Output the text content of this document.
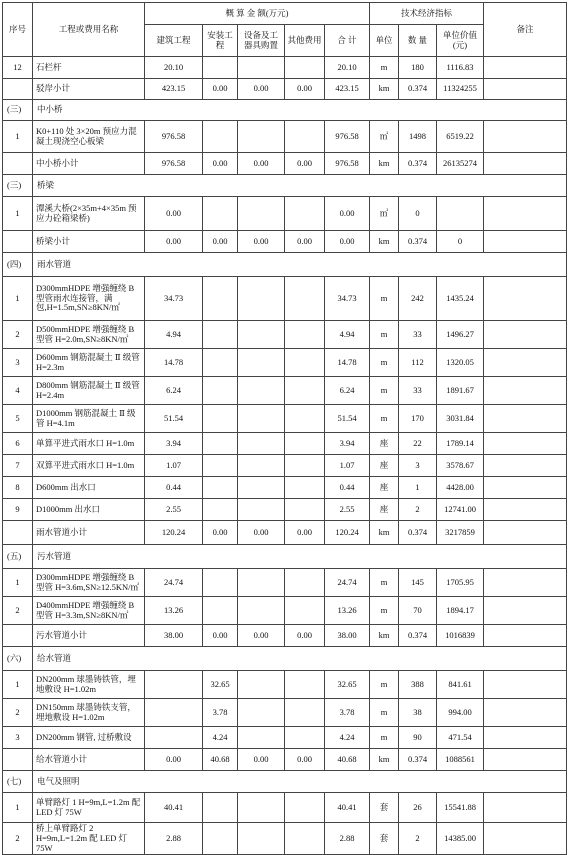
序号	工程或费用名称	概 算 金 额(万元)					技术经济指标			备注
		建筑工程	安装工程	设备及工器具购置	其他费用	合 计	单位	数 量	单位价值(元)	
12	石栏杆	20.10				20.10	m	180	1116.83	
	驳岸小计	423.15	0.00	0.00	0.00	423.15	km	0.374	11324255	
(三)	中小桥									
1	K0+110 处 3×20m 预应力混凝土现浇空心板梁	976.58				976.58	㎡	1498	6519.22	
	中小桥小计	976.58	0.00	0.00	0.00	976.58	km	0.374	26135274	
(三)	桥梁									
1	潭溪大桥(2×35m+4×35m 预应力砼箱梁桥)	0.00				0.00	㎡	0		
	桥梁小计	0.00	0.00	0.00	0.00	0.00	km	0.374	0	
(四)	雨水管道									
1	D300mmHDPE 增强缠绕 B 型管雨水连接管，满包,H=1.5m,SN≥8KN/㎡	34.73				34.73	m	242	1435.24	
2	D500mmHDPE 增强缠绕 B 型管 H=2.0m,SN≥8KN/㎡	4.94				4.94	m	33	1496.27	
3	D600mm 钢筋混凝土 Ⅱ 级管 H=2.3m	14.78				14.78	m	112	1320.05	
4	D800mm 钢筋混凝土 Ⅱ 级管 H=2.4m	6.24				6.24	m	33	1891.67	
5	D1000mm 钢筋混凝土 Ⅱ 级管 H=4.1m	51.54				51.54	m	170	3031.84	
6	单算平进式雨水口 H=1.0m	3.94				3.94	座	22	1789.14	
7	双算平进式雨水口 H=1.0m	1.07				1.07	座	3	3578.67	
8	D600mm 出水口	0.44				0.44	座	1	4428.00	
9	D1000mm 出水口	2.55				2.55	座	2	12741.00	
	雨水管道小计	120.24	0.00	0.00	0.00	120.24	km	0.374	3217859	
(五)	污水管道									
1	D300mmHDPE 增强缠绕 B 型管 H=3.6m,SN≥12.5KN/㎡	24.74				24.74	m	145	1705.95	
2	D400mmHDPE 增强缠绕 B 型管 H=3.3m,SN≥8KN/㎡	13.26				13.26	m	70	1894.17	
	污水管道小计	38.00	0.00	0.00	0.00	38.00	km	0.374	1016839	
(六)	给水管道									
1	DN200mm 球墨铸铁管，埋地敷设 H=1.02m		32.65			32.65	m	388	841.61	
2	DN150mm 球墨铸铁支管，埋地敷设 H=1.02m		3.78			3.78	m	38	994.00	
3	DN200mm 钢管, 过桥敷设		4.24			4.24	m	90	471.54	
	给水管道小计	0.00	40.68	0.00	0.00	40.68	km	0.374	1088561	
(七)	电气及照明									
1	单臂路灯 1 H=9m,L=1.2m 配 LED 灯 75W	40.41				40.41	套	26	15541.88	
2	桥上单臂路灯 2 H=9m,L=1.2m 配 LED 灯 75W	2.88				2.88	套	2	14385.00	
